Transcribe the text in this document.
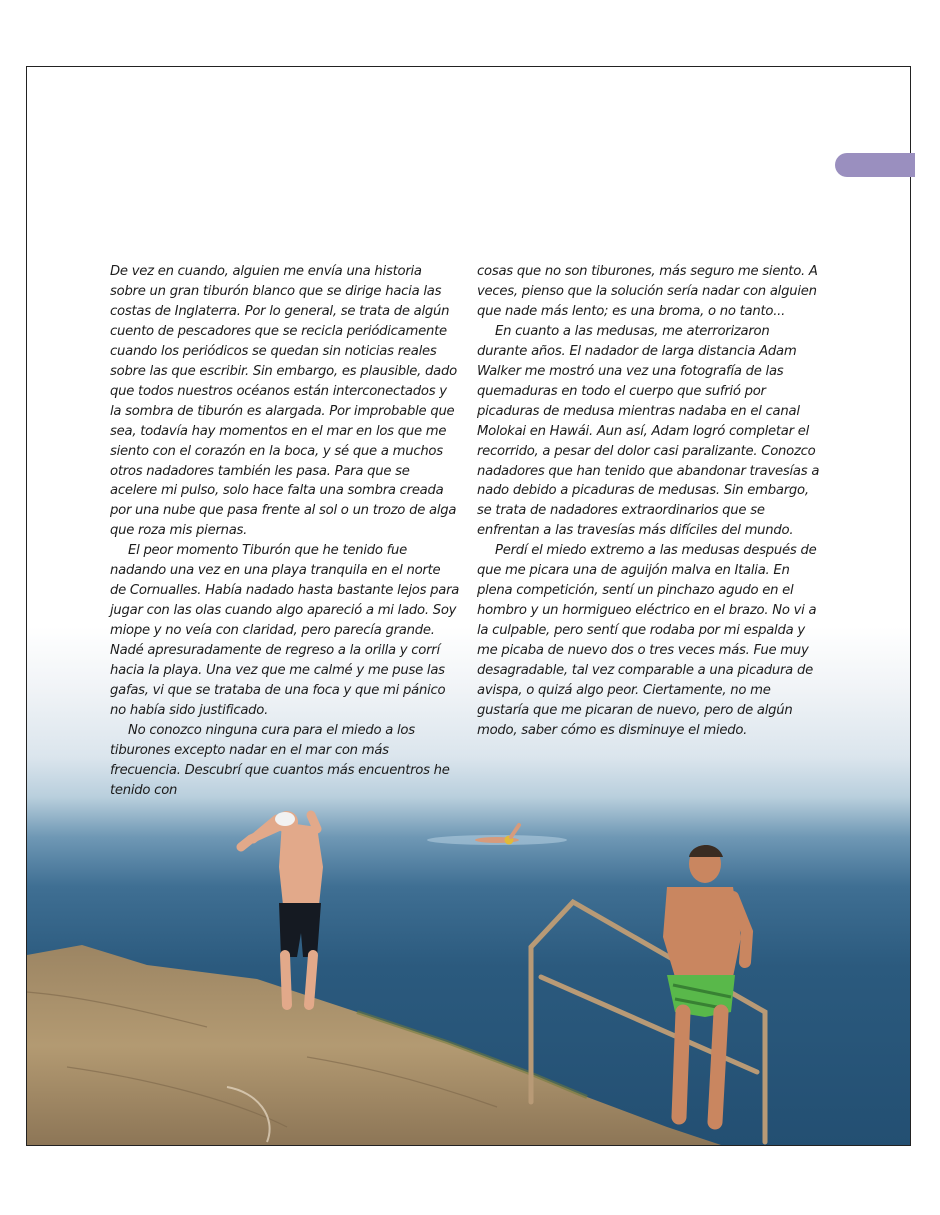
De vez en cuando, alguien me envía una historia sobre un gran tiburón blanco que se dirige hacia las costas de Inglaterra. Por lo general, se trata de algún cuento de pescadores que se recicla periódicamente cuando los periódicos se quedan sin noticias reales sobre las que escribir. Sin embargo, es plausible, dado que todos nuestros océanos están interconectados y la sombra de tiburón es alargada. Por improbable que sea, todavía hay momentos en el mar en los que me siento con el corazón en la boca, y sé que a muchos otros nadadores también les pasa. Para que se acelere mi pulso, solo hace falta una sombra creada por una nube que pasa frente al sol o un trozo de alga que roza mis piernas.

El peor momento Tiburón que he tenido fue nadando una vez en una playa tranquila en el norte de Cornualles. Había nadado hasta bastante lejos para jugar con las olas cuando algo apareció a mi lado. Soy miope y no veía con claridad, pero parecía grande. Nadé apresuradamente de regreso a la orilla y corrí hacia la playa. Una vez que me calmé y me puse las gafas, vi que se trataba de una foca y que mi pánico no había sido justificado.

No conozco ninguna cura para el miedo a los tiburones excepto nadar en el mar con más frecuencia. Descubrí que cuantos más encuentros he tenido con

cosas que no son tiburones, más seguro me siento. A veces, pienso que la solución sería nadar con alguien que nade más lento; es una broma, o no tanto...

En cuanto a las medusas, me aterrorizaron durante años. El nadador de larga distancia Adam Walker me mostró una vez una fotografía de las quemaduras en todo el cuerpo que sufrió por picaduras de medusa mientras nadaba en el canal Molokai en Hawái. Aun así, Adam logró completar el recorrido, a pesar del dolor casi paralizante. Conozco nadadores que han tenido que abandonar travesías a nado debido a picaduras de medusas. Sin embargo, se trata de nadadores extraordinarios que se enfrentan a las travesías más difíciles del mundo.

Perdí el miedo extremo a las medusas después de que me picara una de aguijón malva en Italia. En plena competición, sentí un pinchazo agudo en el hombro y un hormigueo eléctrico en el brazo. No vi a la culpable, pero sentí que rodaba por mi espalda y me picaba de nuevo dos o tres veces más. Fue muy desagradable, tal vez comparable a una picadura de avispa, o quizá algo peor. Ciertamente, no me gustaría que me picaran de nuevo, pero de algún modo, saber cómo es disminuye el miedo.
